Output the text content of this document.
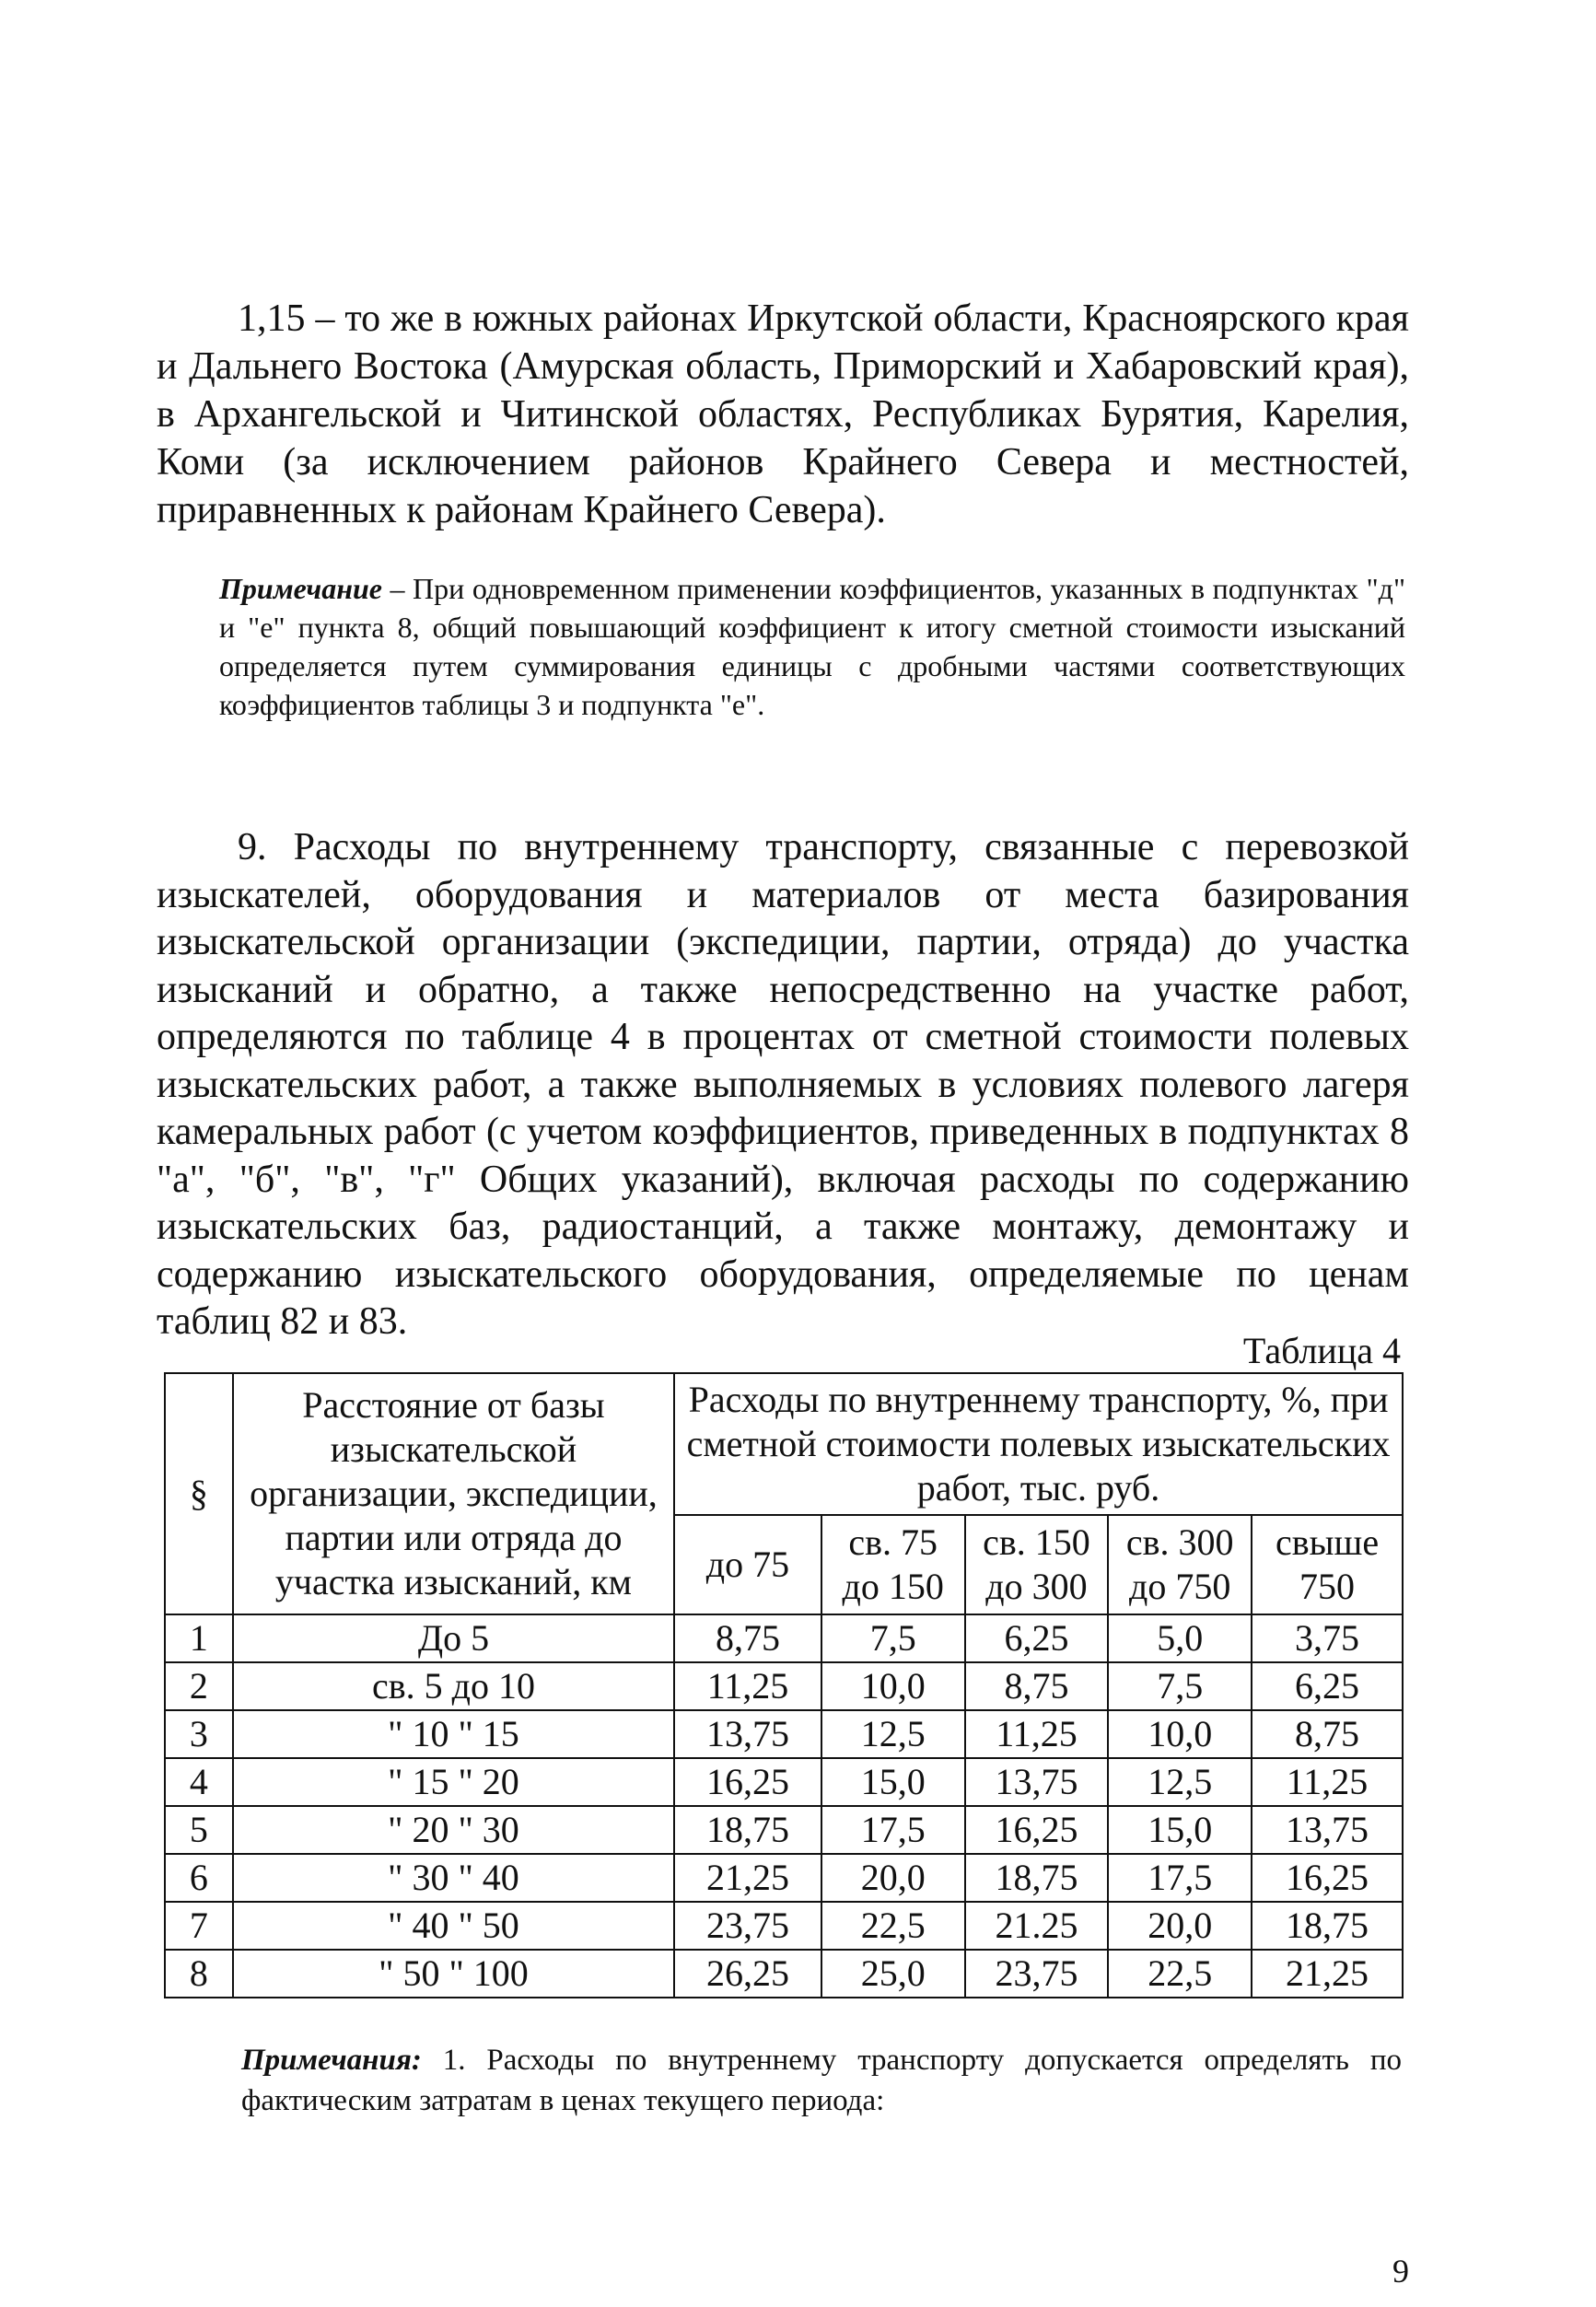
1,15 – то же в южных районах Иркутской области, Красноярского края и Дальнего Востока (Амурская область, Приморский и Хабаровский края), в Архангельской и Читинской областях, Республиках Бурятия, Карелия, Коми (за исключением районов Крайнего Севера и местностей, приравненных к районам Крайнего Севера).
Примечание – При одновременном применении коэффициентов, указанных в подпунктах "д" и "е" пункта 8, общий повышающий коэффициент к итогу сметной стоимости изысканий определяется путем суммирования единицы с дробными частями соответствующих коэффициентов таблицы 3 и подпункта "е".
9. Расходы по внутреннему транспорту, связанные с перевозкой изыскателей, оборудования и материалов от места базирования изыскательской организации (экспедиции, партии, отряда) до участка изысканий и обратно, а также непосредственно на участке работ, определяются по таблице 4 в процентах от сметной стоимости полевых изыскательских работ, а также выполняемых в условиях полевого лагеря камеральных работ (с учетом коэффициентов, приведенных в подпунктах 8 "а", "б", "в", "г" Общих указаний), включая расходы по содержанию изыскательских баз, радиостанций, а также монтажу, демонтажу и содержанию изыскательского оборудования, определяемые по ценам таблиц 82 и 83.
Таблица 4
§	Расстояние от базы изыскательской организации, экспедиции, партии или отряда до участка изысканий, км	Расходы по внутреннему транспорту, %, при сметной стоимости полевых изыскательских работ, тыс. руб.				
		до 75	св. 75 до 150	св. 150 до 300	св. 300 до 750	свыше 750
1	До 5	8,75	7,5	6,25	5,0	3,75
2	св. 5 до 10	11,25	10,0	8,75	7,5	6,25
3	" 10 " 15	13,75	12,5	11,25	10,0	8,75
4	" 15 " 20	16,25	15,0	13,75	12,5	11,25
5	" 20 " 30	18,75	17,5	16,25	15,0	13,75
6	" 30 " 40	21,25	20,0	18,75	17,5	16,25
7	" 40 " 50	23,75	22,5	21.25	20,0	18,75
8	" 50 " 100	26,25	25,0	23,75	22,5	21,25
Примечания: 1. Расходы по внутреннему транспорту допускается определять по фактическим затратам в ценах текущего периода:
9
